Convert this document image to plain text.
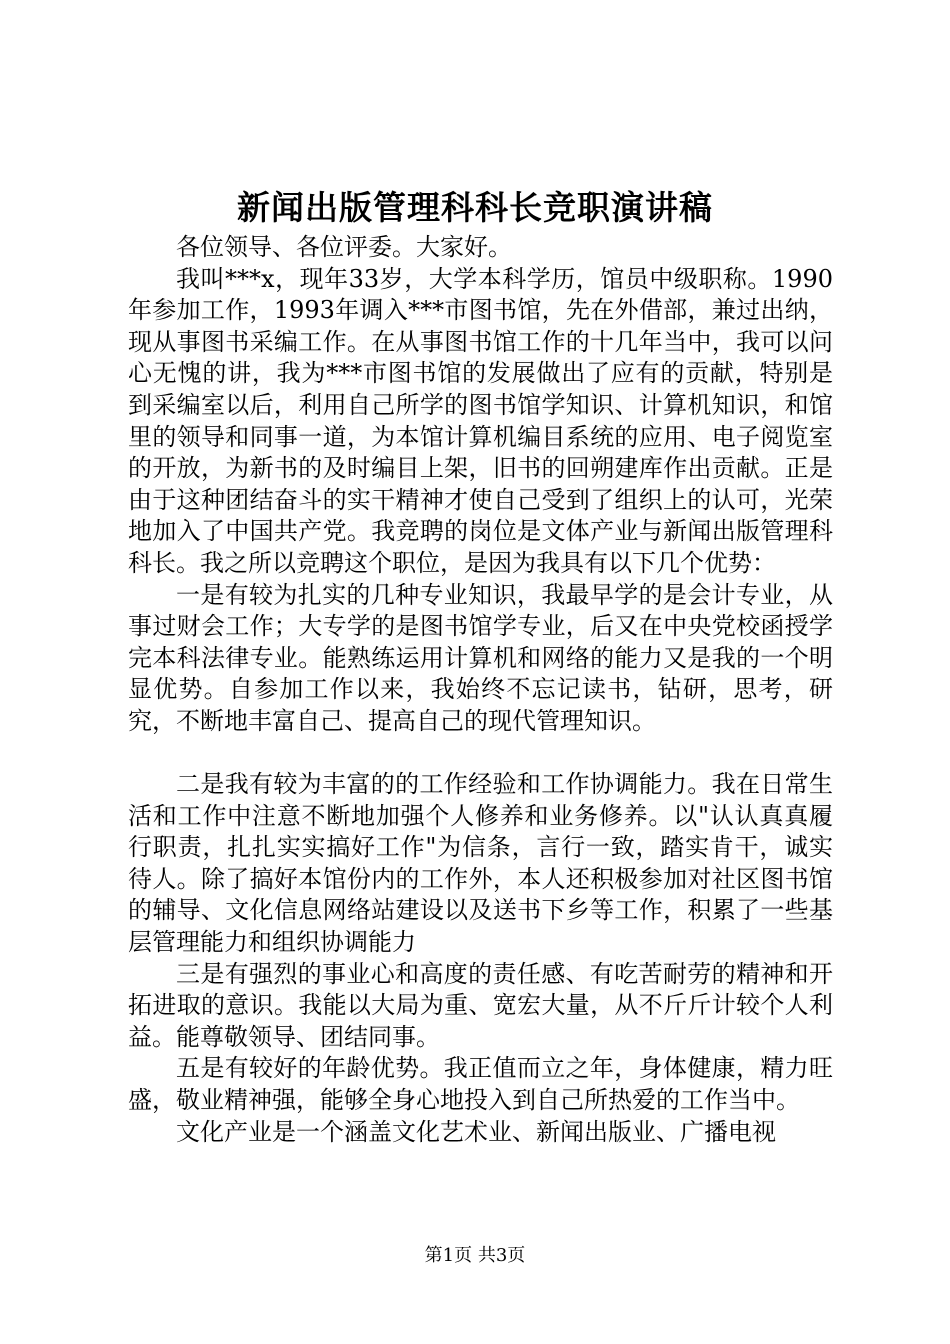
新闻出版管理科科长竞职演讲稿

各位领导、各位评委。大家好。

我叫***x，现年33岁，大学本科学历，馆员中级职称。1990年参加工作，1993年调入***市图书馆，先在外借部，兼过出纳，现从事图书采编工作。在从事图书馆工作的十几年当中，我可以问心无愧的讲，我为***市图书馆的发展做出了应有的贡献，特别是到采编室以后，利用自己所学的图书馆学知识、计算机知识，和馆里的领导和同事一道，为本馆计算机编目系统的应用、电子阅览室的开放，为新书的及时编目上架，旧书的回朔建库作出贡献。正是由于这种团结奋斗的实干精神才使自己受到了组织上的认可，光荣地加入了中国共产党。我竞聘的岗位是文体产业与新闻出版管理科科长。我之所以竞聘这个职位，是因为我具有以下几个优势：

一是有较为扎实的几种专业知识，我最早学的是会计专业，从事过财会工作；大专学的是图书馆学专业，后又在中央党校函授学完本科法律专业。能熟练运用计算机和网络的能力又是我的一个明显优势。自参加工作以来，我始终不忘记读书，钻研，思考，研究，不断地丰富自己、提高自己的现代管理知识。

二是我有较为丰富的的工作经验和工作协调能力。我在日常生活和工作中注意不断地加强个人修养和业务修养。以"认认真真履行职责，扎扎实实搞好工作"为信条，言行一致，踏实肯干，诚实待人。除了搞好本馆份内的工作外，本人还积极参加对社区图书馆的辅导、文化信息网络站建设以及送书下乡等工作，积累了一些基层管理能力和组织协调能力

三是有强烈的事业心和高度的责任感、有吃苦耐劳的精神和开拓进取的意识。我能以大局为重、宽宏大量，从不斤斤计较个人利益。能尊敬领导、团结同事。

五是有较好的年龄优势。我正值而立之年，身体健康，精力旺盛，敬业精神强，能够全身心地投入到自己所热爱的工作当中。

文化产业是一个涵盖文化艺术业、新闻出版业、广播电视

第1页 共3页
